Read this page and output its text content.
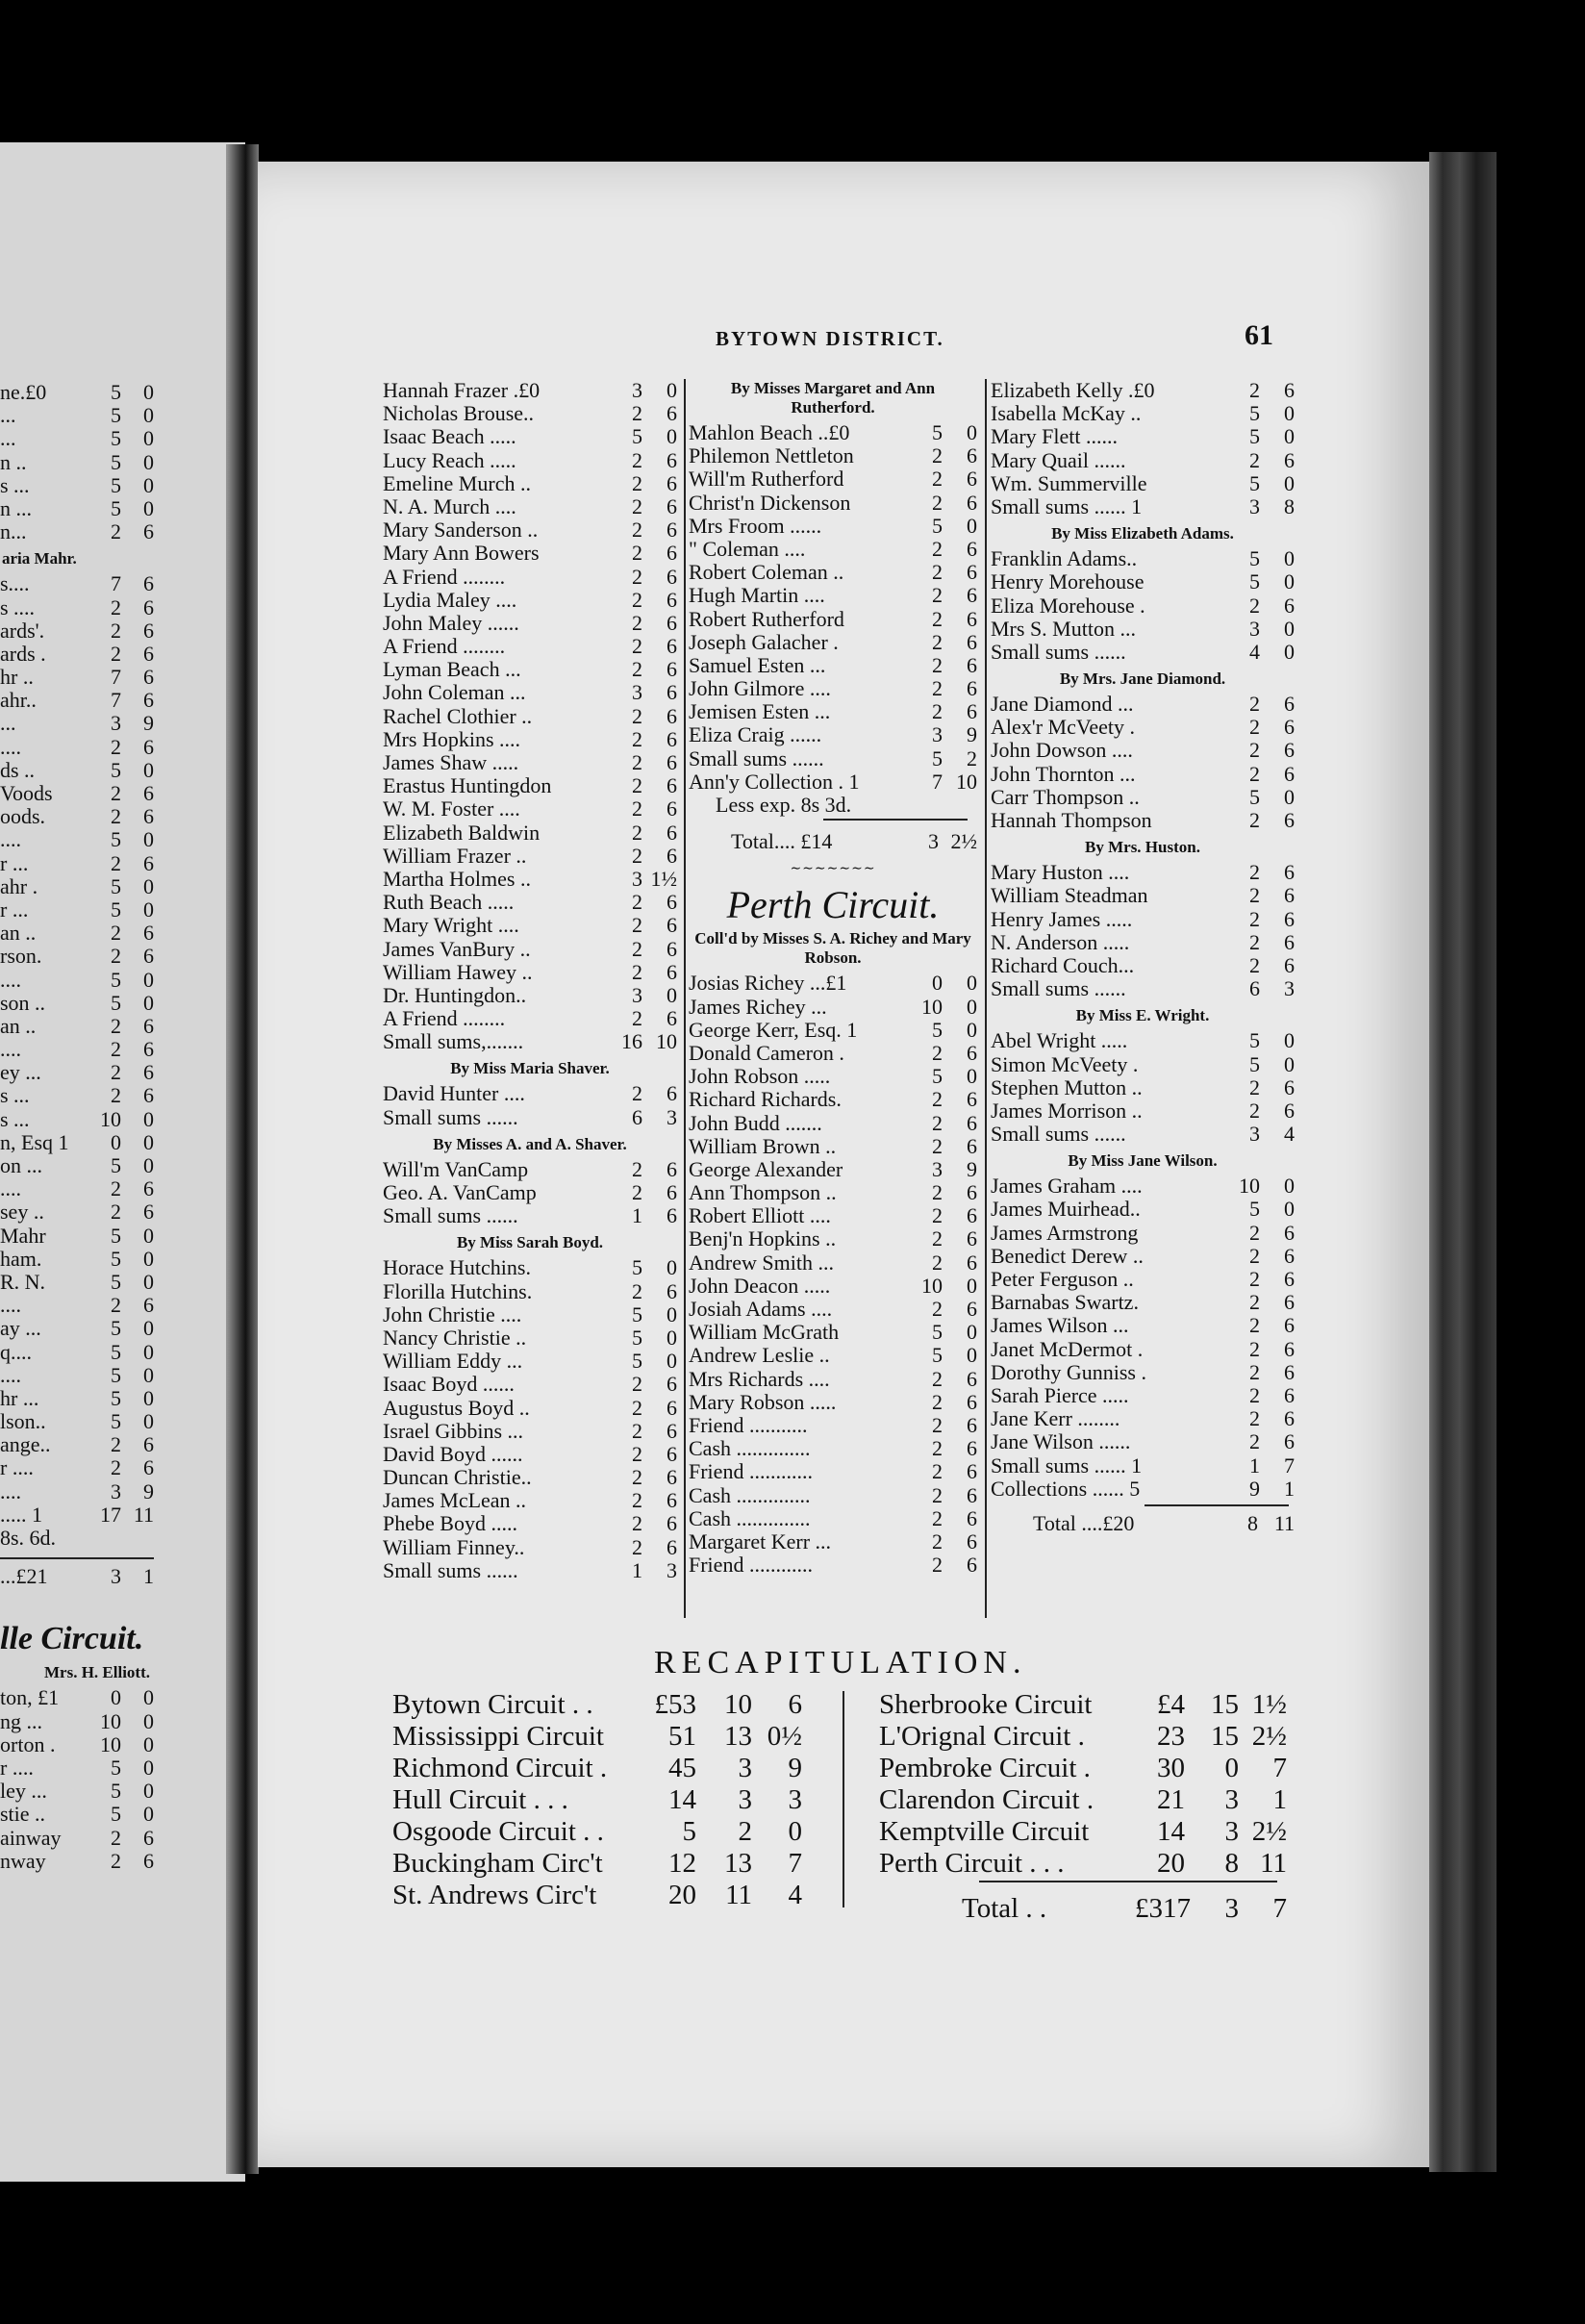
ne.£0	5	0
...	5	0
...	5	0
n ..	5	0
s ...	5	0
n ...	5	0
n...	2	6
aria Mahr.
s....	7	6
s ....	2	6
ards'.	2	6
ards .	2	6
hr ..	7	6
ahr..	7	6
...	3	9
....	2	6
ds ..	5	0
Voods	2	6
oods.	2	6
....	5	0
r ...	2	6
ahr .	5	0
r ...	5	0
an ..	2	6
rson.	2	6
....	5	0
son ..	5	0
an ..	2	6
....	2	6
ey ...	2	6
s ...	2	6
s ...	10	0
n, Esq 1	0	0
on ...	5	0
....	2	6
sey ..	2	6
Mahr	5	0
ham.	5	0
R. N.	5	0
....	2	6
ay ...	5	0
q....	5	0
....	5	0
hr ...	5	0
lson..	5	0
ange..	2	6
r ....	2	6
....	3	9
..... 1	17 11
8s. 6d.
...£21	3	1
lle Circuit.
Mrs. H. Elliott.
ton, £1	0	0
ng ...	10	0
orton .	10	0
r ....	5	0
ley ...	5	0
stie ..	5	0
ainway	2	6
nway	2	6
BYTOWN DISTRICT.	61
Hannah Frazer .£0	3	0
Nicholas Brouse..	2	6
Isaac Beach .....	5	0
Lucy Reach .....	2	6
Emeline Murch ..	2	6
N. A. Murch ....	2	6
Mary Sanderson ..	2	6
Mary Ann Bowers	2	6
A Friend ........	2	6
Lydia Maley ....	2	6
John Maley ......	2	6
A Friend ........	2	6
Lyman Beach ...	2	6
John Coleman ...	3	6
Rachel Clothier ..	2	6
Mrs Hopkins ....	2	6
James Shaw .....	2	6
Erastus Huntingdon	2	6
W. M. Foster ....	2	6
Elizabeth Baldwin	2	6
William Frazer ..	2	6
Martha Holmes ..	3 1½
Ruth Beach .....	2	6
Mary Wright ....	2	6
James VanBury ..	2	6
William Hawey ..	2	6
Dr. Huntingdon..	3	0
A Friend ........	2	6
Small sums,.......	16 10
By Miss Maria Shaver.
David Hunter ....	2	6
Small sums ......	6	3
By Misses A. and A. Shaver.
Will'm VanCamp	2	6
Geo. A. VanCamp	2	6
Small sums ......	1	6
By Miss Sarah Boyd.
Horace Hutchins.	5	0
Florilla Hutchins.	2	6
John Christie ....	5	0
Nancy Christie ..	5	0
William Eddy ...	5	0
Isaac Boyd ......	2	6
Augustus Boyd ..	2	6
Israel Gibbins ...	2	6
David Boyd ......	2	6
Duncan Christie..	2	6
James McLean ..	2	6
Phebe Boyd .....	2	6
William Finney..	2	6
Small sums ......	1	3
By Misses Margaret and Ann Rutherford.
Mahlon Beach ..£0	5	0
Philemon Nettleton	2	6
Will'm Rutherford	2	6
Christ'n Dickenson	2	6
Mrs Froom ......	5	0
" Coleman ....	2	6
Robert Coleman ..	2	6
Hugh Martin ....	2	6
Robert Rutherford	2	6
Joseph Galacher .	2	6
Samuel Esten ...	2	6
John Gilmore ....	2	6
Jemisen Esten ...	2	6
Eliza Craig ......	3	9
Small sums ......	5	2
Ann'y Collection . 1	7 10
Less exp. 8s 3d.
Total.... £14	3 2½
∼∼∼∼∼∼∼
Perth Circuit.
Coll'd by Misses S. A. Richey and Mary Robson.
Josias Richey ...£1	0	0
James Richey ...	10	0
George Kerr, Esq. 1	5	0
Donald Cameron .	2	6
John Robson .....	5	0
Richard Richards.	2	6
John Budd .......	2	6
William Brown ..	2	6
George Alexander	3	9
Ann Thompson ..	2	6
Robert Elliott ....	2	6
Benj'n Hopkins ..	2	6
Andrew Smith ...	2	6
John Deacon .....	10	0
Josiah Adams ....	2	6
William McGrath	5	0
Andrew Leslie ..	5	0
Mrs Richards ....	2	6
Mary Robson .....	2	6
Friend ...........	2	6
Cash ..............	2	6
Friend ............	2	6
Cash ..............	2	6
Cash ..............	2	6
Margaret Kerr ...	2	6
Friend ............	2	6
Elizabeth Kelly .£0	2	6
Isabella McKay ..	5	0
Mary Flett ......	5	0
Mary Quail ......	2	6
Wm. Summerville	5	0
Small sums ...... 1	3	8
By Miss Elizabeth Adams.
Franklin Adams..	5	0
Henry Morehouse	5	0
Eliza Morehouse .	2	6
Mrs S. Mutton ...	3	0
Small sums ......	4	0
By Mrs. Jane Diamond.
Jane Diamond ...	2	6
Alex'r McVeety .	2	6
John Dowson ....	2	6
John Thornton ...	2	6
Carr Thompson ..	5	0
Hannah Thompson	2	6
By Mrs. Huston.
Mary Huston ....	2	6
William Steadman	2	6
Henry James .....	2	6
N. Anderson .....	2	6
Richard Couch...	2	6
Small sums ......	6	3
By Miss E. Wright.
Abel Wright .....	5	0
Simon McVeety .	5	0
Stephen Mutton ..	2	6
James Morrison ..	2	6
Small sums ......	3	4
By Miss Jane Wilson.
James Graham ....	10	0
James Muirhead..	5	0
James Armstrong	2	6
Benedict Derew ..	2	6
Peter Ferguson ..	2	6
Barnabas Swartz.	2	6
James Wilson ...	2	6
Janet McDermot .	2	6
Dorothy Gunniss .	2	6
Sarah Pierce .....	2	6
Jane Kerr ........	2	6
Jane Wilson ......	2	6
Small sums ...... 1	1	7
Collections ...... 5	9	1
Total ....£20	8 11
RECAPITULATION.
Bytown Circuit . .	£53	10	6
Mississippi Circuit	51	13 0½
Richmond Circuit .	45	3	9
Hull Circuit . . .	14	3	3
Osgoode Circuit . .	5	2	0
Buckingham Circ't	12	13	7
St. Andrews Circ't	20	11	4
Sherbrooke Circuit	£4 15 1½
L'Orignal Circuit .	23 15 2½
Pembroke Circuit .	30	0	7
Clarendon Circuit .	21	3	1
Kemptville Circuit	14	3 2½
Perth Circuit . . .	20	8 11
Total . .	£317	3	7
